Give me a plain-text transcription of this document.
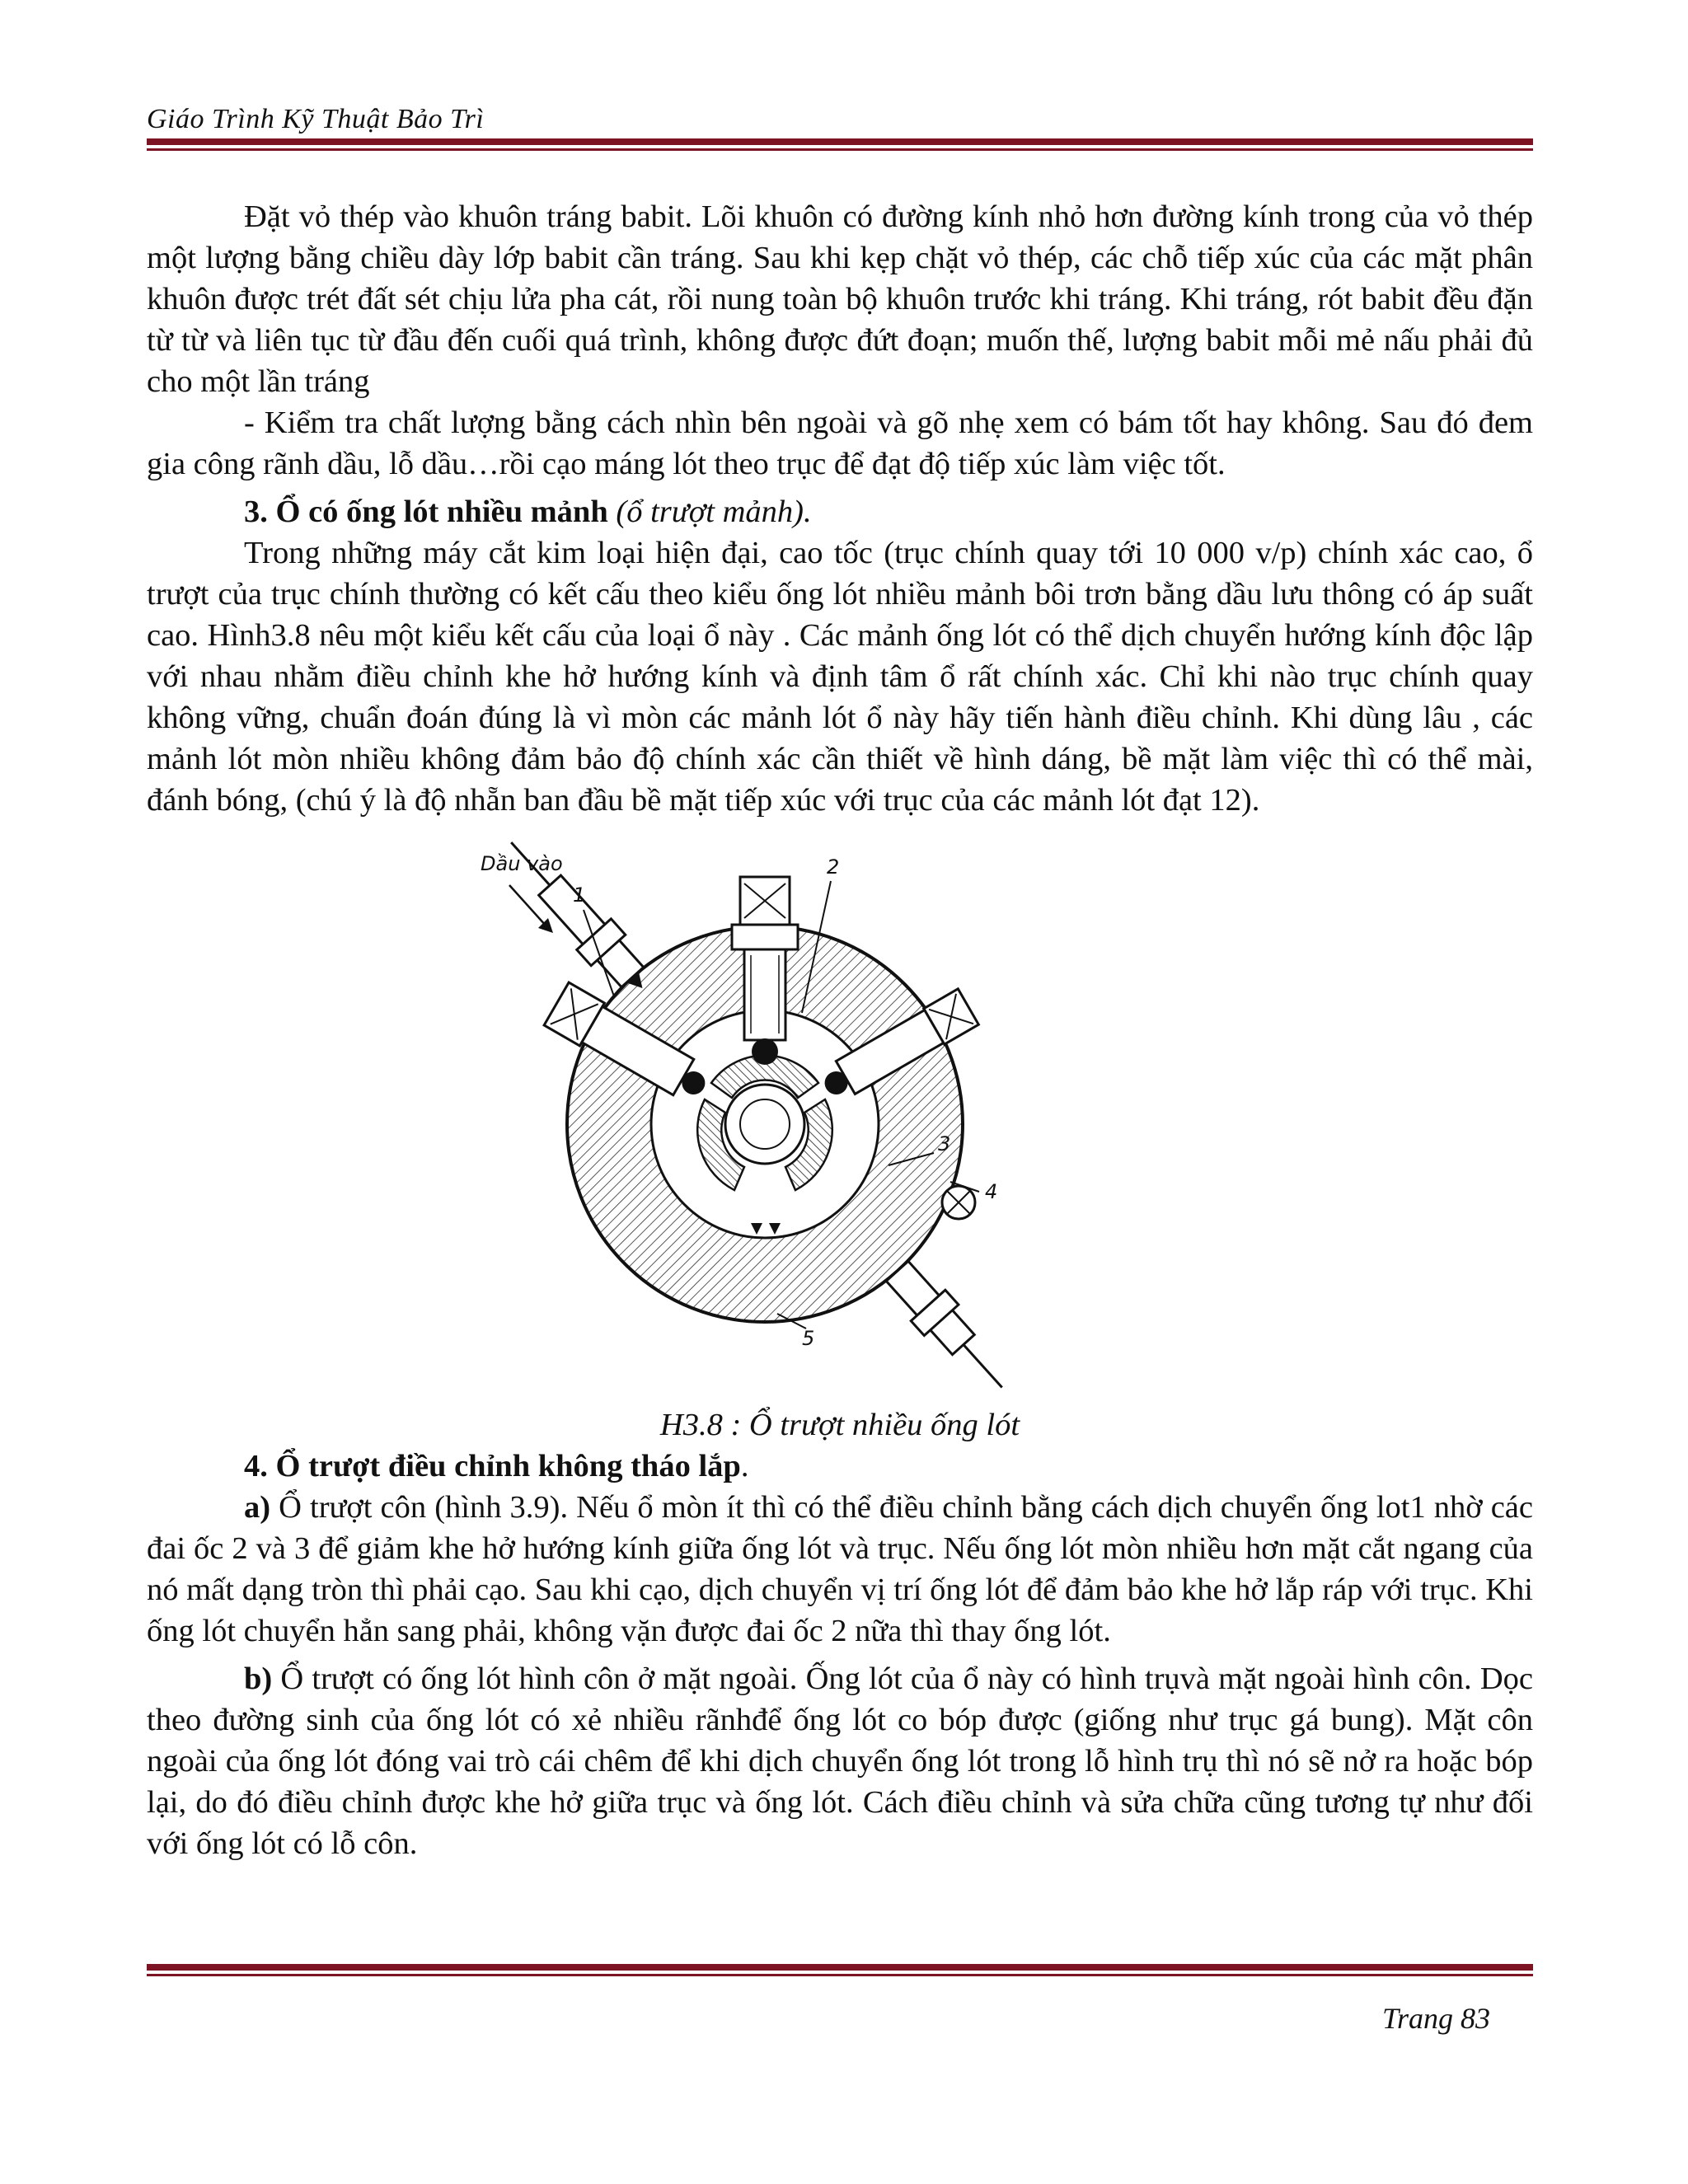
Giáo Trình Kỹ Thuật Bảo Trì

Đặt vỏ thép vào khuôn tráng babit. Lõi khuôn có đường kính nhỏ hơn đường kính trong của vỏ thép một lượng bằng chiều dày lớp babit cần tráng. Sau khi kẹp chặt vỏ thép, các chỗ tiếp xúc của các mặt phân khuôn được trét đất sét chịu lửa pha cát, rồi nung toàn bộ khuôn trước khi tráng. Khi tráng, rót babit đều đặn từ từ và liên tục từ đầu đến cuối quá trình, không được đứt đoạn; muốn thế, lượng babit mỗi mẻ nấu phải đủ cho một lần tráng

- Kiểm tra chất lượng bằng cách nhìn bên ngoài và gõ nhẹ xem có bám tốt hay không. Sau đó đem gia công rãnh dầu, lỗ dầu…rồi cạo máng lót theo trục để đạt độ tiếp xúc làm việc tốt.

3. Ổ có ống lót nhiều mảnh (ổ trượt mảnh).

Trong những máy cắt kim loại hiện đại, cao tốc (trục chính quay tới 10 000 v/p) chính xác cao, ổ trượt của trục chính thường có kết cấu theo kiểu ống lót nhiều mảnh bôi trơn bằng dầu lưu thông có áp suất cao. Hình3.8 nêu một kiểu kết cấu của loại ổ này . Các mảnh ống lót có thể dịch chuyển hướng kính độc lập với nhau nhằm điều chỉnh khe hở hướng kính và định tâm ổ rất chính xác. Chỉ khi nào trục chính quay không vững, chuẩn đoán đúng là vì mòn các mảnh lót ổ này hãy tiến hành điều chỉnh. Khi dùng lâu , các mảnh lót mòn nhiều không đảm bảo độ chính xác cần thiết về hình dáng, bề mặt làm việc thì có thể mài, đánh bóng, (chú ý là độ nhẵn ban đầu bề mặt tiếp xúc với trục của các mảnh lót đạt 12).

Dầu vào
1
2
3
4
5

H3.8 : Ổ trượt nhiều ống lót

4. Ổ trượt điều chỉnh không tháo lắp.

a) Ổ trượt côn (hình 3.9). Nếu ổ mòn ít thì có thể điều chỉnh bằng cách dịch chuyển ống lot1 nhờ các đai ốc 2 và 3 để giảm khe hở hướng kính giữa ống lót và trục. Nếu ống lót mòn nhiều hơn mặt cắt ngang của nó mất dạng tròn thì phải cạo. Sau khi cạo, dịch chuyển vị trí ống lót để đảm bảo khe hở lắp ráp với trục. Khi ống lót chuyển hẳn sang phải, không vặn được đai ốc 2 nữa thì thay ống lót.

b) Ổ trượt có ống lót hình côn ở mặt ngoài. Ống lót của ổ này có hình trụvà mặt ngoài hình côn. Dọc theo đường sinh của ống lót có xẻ nhiều rãnhđể ống lót co bóp được (giống như trục gá bung). Mặt côn ngoài của ống lót đóng vai trò cái chêm để khi dịch chuyển ống lót trong lỗ hình trụ thì nó sẽ nở ra hoặc bóp lại, do đó điều chỉnh được khe hở giữa trục và ống lót. Cách điều chỉnh và sửa chữa cũng tương tự như đối với ống lót có lỗ côn.

Trang 83
